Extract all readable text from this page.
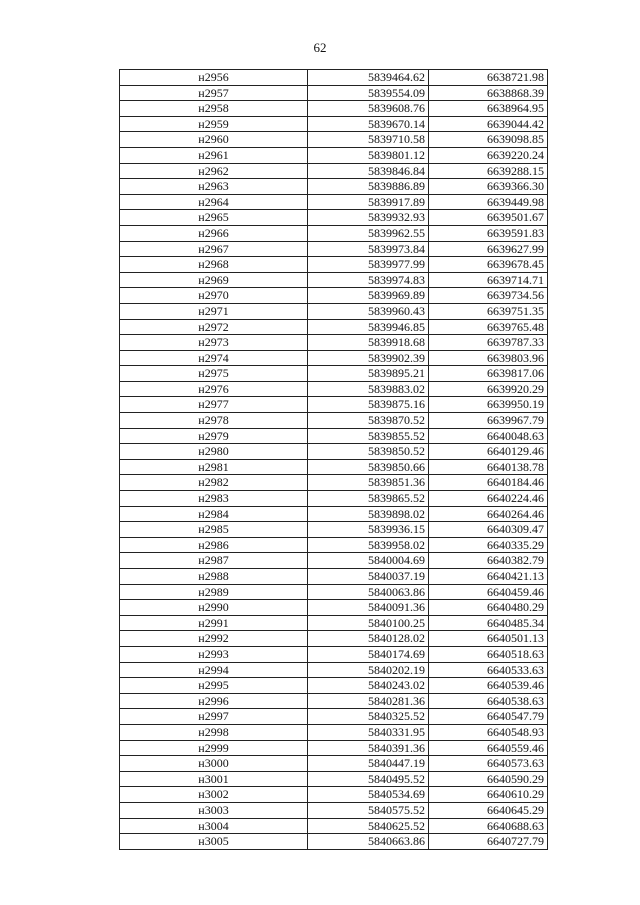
62
н2956	5839464.62	6638721.98
н2957	5839554.09	6638868.39
н2958	5839608.76	6638964.95
н2959	5839670.14	6639044.42
н2960	5839710.58	6639098.85
н2961	5839801.12	6639220.24
н2962	5839846.84	6639288.15
н2963	5839886.89	6639366.30
н2964	5839917.89	6639449.98
н2965	5839932.93	6639501.67
н2966	5839962.55	6639591.83
н2967	5839973.84	6639627.99
н2968	5839977.99	6639678.45
н2969	5839974.83	6639714.71
н2970	5839969.89	6639734.56
н2971	5839960.43	6639751.35
н2972	5839946.85	6639765.48
н2973	5839918.68	6639787.33
н2974	5839902.39	6639803.96
н2975	5839895.21	6639817.06
н2976	5839883.02	6639920.29
н2977	5839875.16	6639950.19
н2978	5839870.52	6639967.79
н2979	5839855.52	6640048.63
н2980	5839850.52	6640129.46
н2981	5839850.66	6640138.78
н2982	5839851.36	6640184.46
н2983	5839865.52	6640224.46
н2984	5839898.02	6640264.46
н2985	5839936.15	6640309.47
н2986	5839958.02	6640335.29
н2987	5840004.69	6640382.79
н2988	5840037.19	6640421.13
н2989	5840063.86	6640459.46
н2990	5840091.36	6640480.29
н2991	5840100.25	6640485.34
н2992	5840128.02	6640501.13
н2993	5840174.69	6640518.63
н2994	5840202.19	6640533.63
н2995	5840243.02	6640539.46
н2996	5840281.36	6640538.63
н2997	5840325.52	6640547.79
н2998	5840331.95	6640548.93
н2999	5840391.36	6640559.46
н3000	5840447.19	6640573.63
н3001	5840495.52	6640590.29
н3002	5840534.69	6640610.29
н3003	5840575.52	6640645.29
н3004	5840625.52	6640688.63
н3005	5840663.86	6640727.79
